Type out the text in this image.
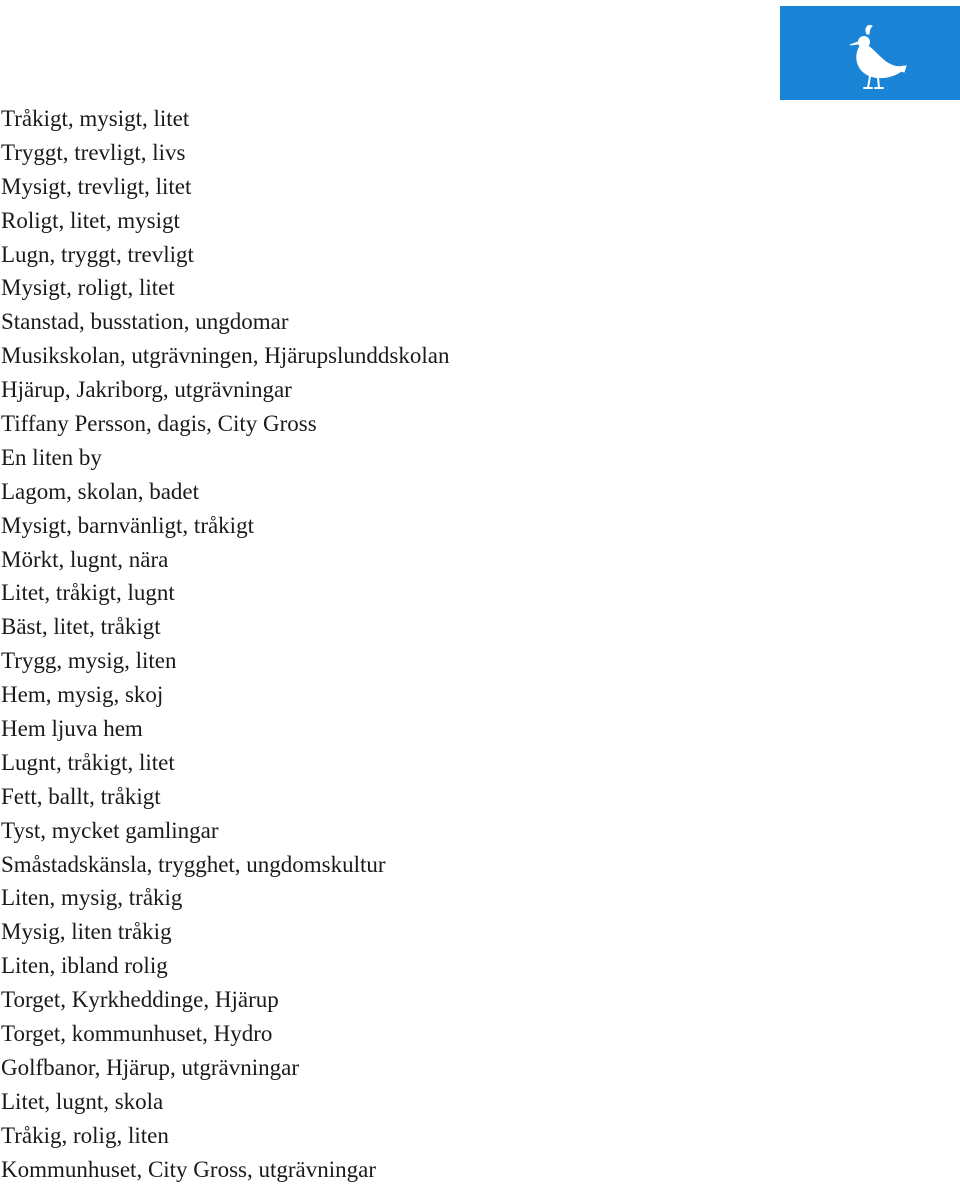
Tråkigt, mysigt, litet
Tryggt, trevligt, livs
Mysigt, trevligt, litet
Roligt, litet, mysigt
Lugn, tryggt, trevligt
Mysigt, roligt, litet
Stanstad, busstation, ungdomar
Musikskolan, utgrävningen, Hjärupslunddskolan
Hjärup, Jakriborg, utgrävningar
Tiffany Persson, dagis, City Gross
En liten by
Lagom, skolan, badet
Mysigt, barnvänligt, tråkigt
Mörkt, lugnt, nära
Litet, tråkigt, lugnt
Bäst, litet, tråkigt
Trygg, mysig, liten
Hem, mysig, skoj
Hem ljuva hem
Lugnt, tråkigt, litet
Fett, ballt, tråkigt
Tyst, mycket gamlingar
Småstadskänsla, trygghet, ungdomskultur
Liten, mysig, tråkig
Mysig, liten tråkig
Liten, ibland rolig
Torget, Kyrkheddinge, Hjärup
Torget, kommunhuset, Hydro
Golfbanor, Hjärup, utgrävningar
Litet, lugnt, skola
Tråkig, rolig, liten
Kommunhuset, City Gross, utgrävningar
